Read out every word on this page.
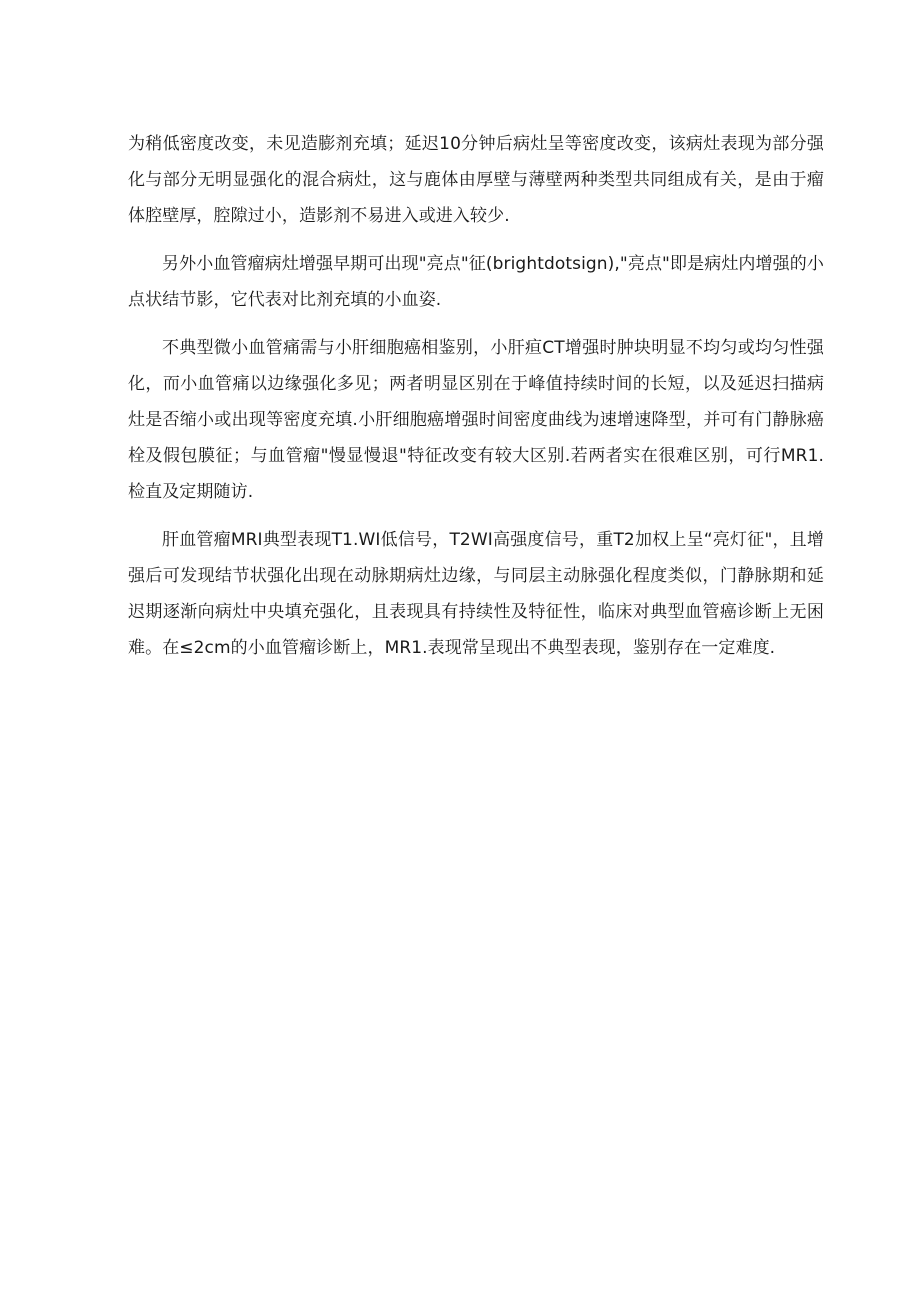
为稍低密度改变，未见造膨剂充填；延迟10分钟后病灶呈等密度改变，该病灶表现为部分强化与部分无明显强化的混合病灶，这与鹿体由厚壁与薄壁两种类型共同组成有关，是由于瘤体腔壁厚，腔隙过小，造影剂不易进入或进入较少.

另外小血管瘤病灶增强早期可出现"亮点"征(brightdotsign),"亮点"即是病灶内增强的小点状结节影，它代表对比剂充填的小血姿.

不典型微小血管痛需与小肝细胞癌相鉴别，小肝疸CT增强时肿块明显不均匀或均匀性强化，而小血管痛以边缘强化多见；两者明显区别在于峰值持续时间的长短，以及延迟扫描病灶是否缩小或出现等密度充填.小肝细胞癌增强时间密度曲线为速增速降型，并可有门静脉癌栓及假包膜征；与血管瘤"慢显慢退"特征改变有较大区别.若两者实在很难区别，可行MR1.检直及定期随访.

肝血管瘤MRI典型表现T1.WI低信号，T2WI高强度信号，重T2加权上呈“亮灯征"，且增强后可发现结节状强化出现在动脉期病灶边缘，与同层主动脉强化程度类似，门静脉期和延迟期逐渐向病灶中央填充强化，且表现具有持续性及特征性，临床对典型血管癌诊断上无困难。在≤2cm的小血管瘤诊断上，MR1.表现常呈现出不典型表现，鉴别存在一定难度.
